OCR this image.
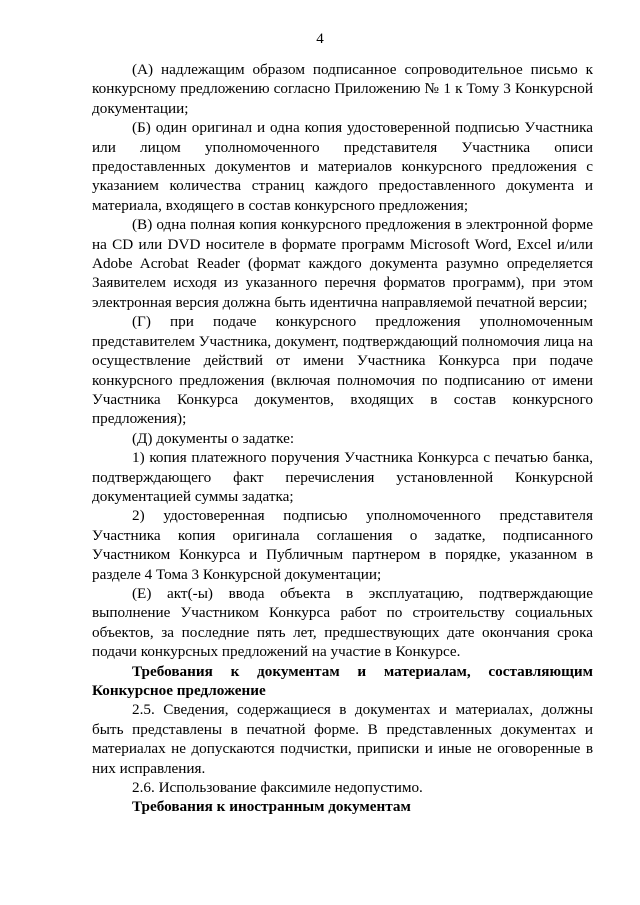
4

(А) надлежащим образом подписанное сопроводительное письмо к конкурсному предложению согласно Приложению № 1 к Тому 3 Конкурсной документации;

(Б) один оригинал и одна копия удостоверенной подписью Участника или лицом уполномоченного представителя Участника описи предоставленных документов и материалов конкурсного предложения с указанием количества страниц каждого предоставленного документа и материала, входящего в состав конкурсного предложения;

(В) одна полная копия конкурсного предложения в электронной форме на CD или DVD носителе в формате программ Microsoft Word, Excel и/или Adobe Acrobat Reader (формат каждого документа разумно определяется Заявителем исходя из указанного перечня форматов программ), при этом электронная версия должна быть идентична направляемой печатной версии;

(Г) при подаче конкурсного предложения уполномоченным представителем Участника, документ, подтверждающий полномочия лица на осуществление действий от имени Участника Конкурса при подаче конкурсного предложения (включая полномочия по подписанию от имени Участника Конкурса документов, входящих в состав конкурсного предложения);

(Д) документы о задатке:

1) копия платежного поручения Участника Конкурса с печатью банка, подтверждающего факт перечисления установленной Конкурсной документацией суммы задатка;

2) удостоверенная подписью уполномоченного представителя Участника копия оригинала соглашения о задатке, подписанного Участником Конкурса и Публичным партнером в порядке, указанном в разделе 4 Тома 3 Конкурсной документации;

(Е) акт(-ы) ввода объекта в эксплуатацию, подтверждающие выполнение Участником Конкурса работ по строительству социальных объектов, за последние пять лет, предшествующих дате окончания срока подачи конкурсных предложений на участие в Конкурсе.

Требования к документам и материалам, составляющим Конкурсное предложение

2.5. Сведения, содержащиеся в документах и материалах, должны быть представлены в печатной форме. В представленных документах и материалах не допускаются подчистки, приписки и иные не оговоренные в них исправления.

2.6. Использование факсимиле недопустимо.

Требования к иностранным документам
